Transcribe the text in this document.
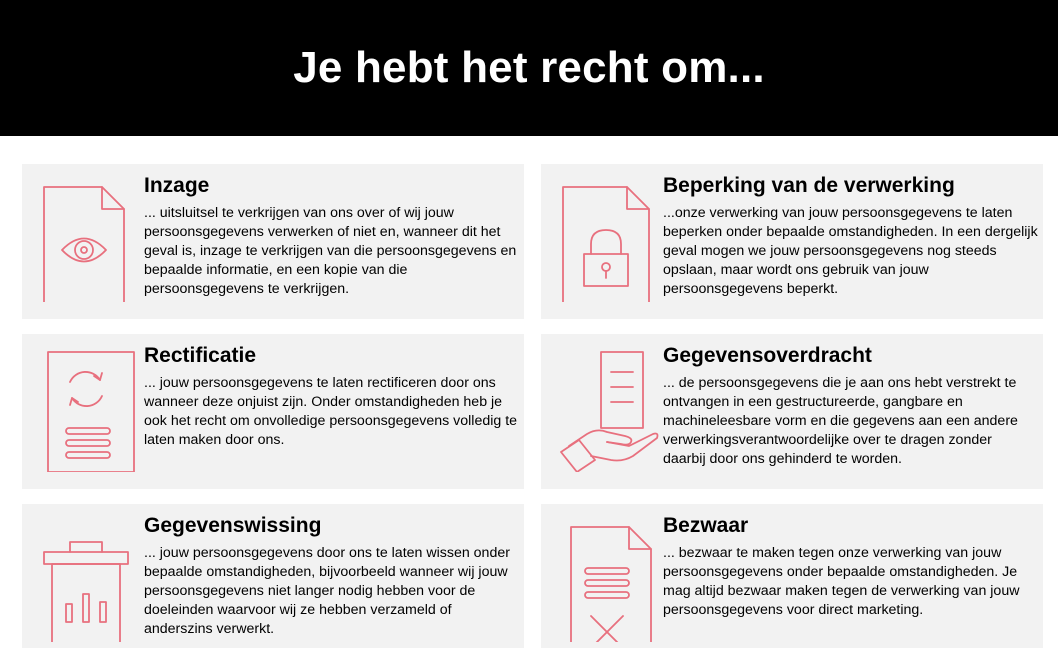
Je hebt het recht om...
Inzage

... uitsluitsel te verkrijgen van ons over of wij jouw persoonsgegevens verwerken of niet en, wanneer dit het geval is, inzage te verkrijgen van die persoonsgegevens en bepaalde informatie, en een kopie van die persoonsgegevens te verkrijgen.

Beperking van de verwerking

...onze verwerking van jouw persoonsgegevens te laten beperken onder bepaalde omstandigheden. In een dergelijk geval mogen we jouw persoonsgegevens nog steeds opslaan, maar wordt ons gebruik van jouw persoonsgegevens beperkt.

Rectificatie

... jouw persoonsgegevens te laten rectificeren door ons wanneer deze onjuist zijn. Onder omstandigheden heb je ook het recht om onvolledige persoonsgegevens volledig te laten maken door ons.

Gegevensoverdracht

... de persoonsgegevens die je aan ons hebt verstrekt te ontvangen in een gestructureerde, gangbare en machineleesbare vorm en die gegevens aan een andere verwerkingsverantwoordelijke over te dragen zonder daarbij door ons gehinderd te worden.

Gegevenswissing

... jouw persoonsgegevens door ons te laten wissen onder bepaalde omstandigheden, bijvoorbeeld wanneer wij jouw persoonsgegevens niet langer nodig hebben voor de doeleinden waarvoor wij ze hebben verzameld of anderszins verwerkt.

Bezwaar

... bezwaar te maken tegen onze verwerking van jouw persoonsgegevens onder bepaalde omstandigheden. Je mag altijd bezwaar maken tegen de verwerking van jouw persoonsgegevens voor direct marketing.
